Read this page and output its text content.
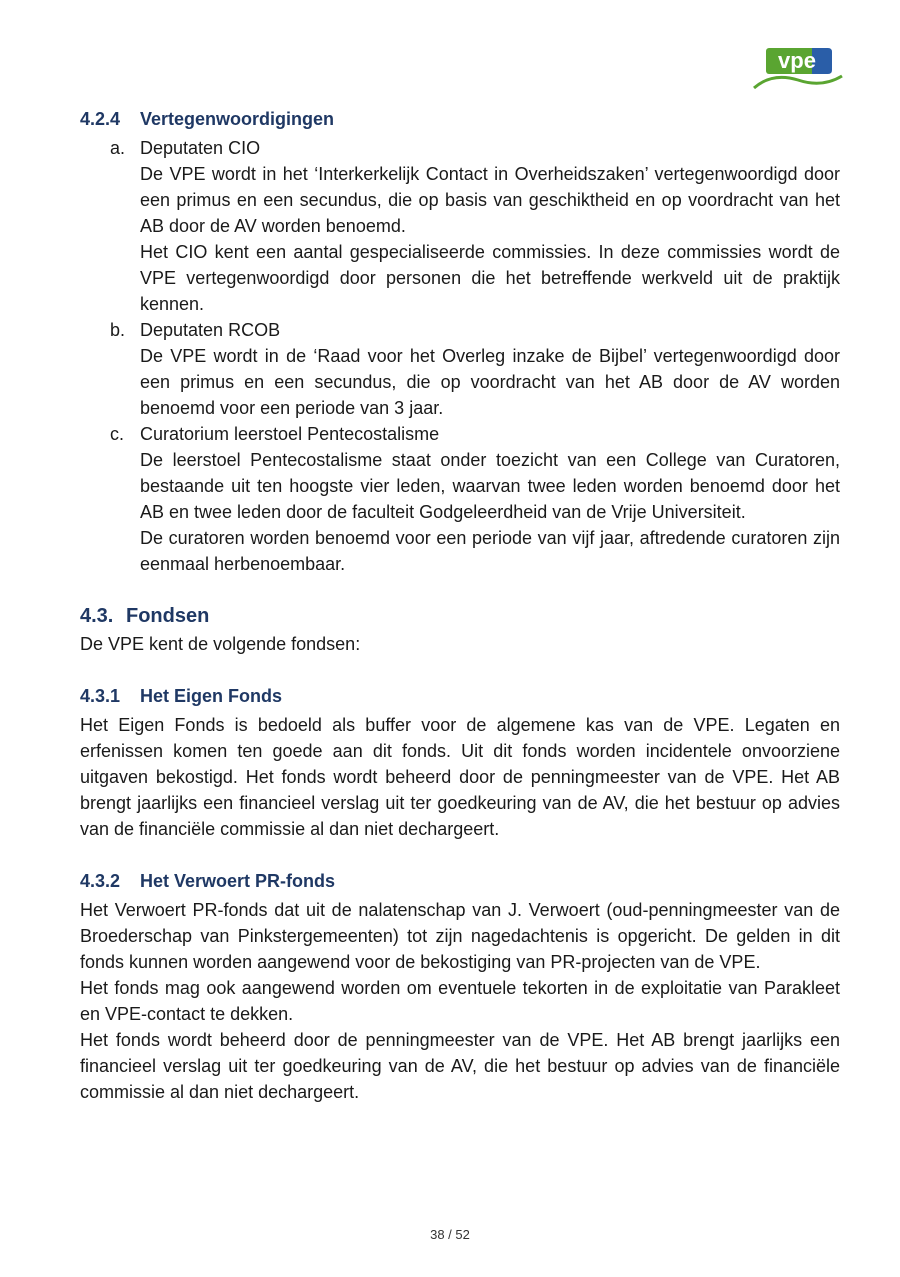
vpe
4.2.4 Vertegenwoordigingen
a. Deputaten CIO

De VPE wordt in het ‘Interkerkelijk Contact in Overheidszaken’ vertegenwoordigd door een primus en een secundus, die op basis van geschiktheid en op voordracht van het AB door de AV worden benoemd.

Het CIO kent een aantal gespecialiseerde commissies. In deze commissies wordt de VPE vertegenwoordigd door personen die het betreffende werkveld uit de praktijk kennen.

b. Deputaten RCOB

De VPE wordt in de ‘Raad voor het Overleg inzake de Bijbel’ vertegenwoordigd door een primus en een secundus, die op voordracht van het AB door de AV worden benoemd voor een periode van 3 jaar.

c. Curatorium leerstoel Pentecostalisme

De leerstoel Pentecostalisme staat onder toezicht van een College van Curatoren, bestaande uit ten hoogste vier leden, waarvan twee leden worden benoemd door het AB en twee leden door de faculteit Godgeleerdheid van de Vrije Universiteit.

De curatoren worden benoemd voor een periode van vijf jaar, aftredende curatoren zijn eenmaal herbenoembaar.

4.3. Fondsen

De VPE kent de volgende fondsen:

4.3.1 Het Eigen Fonds

Het Eigen Fonds is bedoeld als buffer voor de algemene kas van de VPE. Legaten en erfenissen komen ten goede aan dit fonds. Uit dit fonds worden incidentele onvoorziene uitgaven bekostigd. Het fonds wordt beheerd door de penningmeester van de VPE. Het AB brengt jaarlijks een financieel verslag uit ter goedkeuring van de AV, die het bestuur op advies van de financiële commissie al dan niet dechargeert.

4.3.2 Het Verwoert PR-fonds

Het Verwoert PR-fonds dat uit de nalatenschap van J. Verwoert (oud-penningmeester van de Broederschap van Pinkstergemeenten) tot zijn nagedachtenis is opgericht. De gelden in dit fonds kunnen worden aangewend voor de bekostiging van PR-projecten van de VPE.

Het fonds mag ook aangewend worden om eventuele tekorten in de exploitatie van Parakleet en VPE-contact te dekken.

Het fonds wordt beheerd door de penningmeester van de VPE. Het AB brengt jaarlijks een financieel verslag uit ter goedkeuring van de AV, die het bestuur op advies van de financiële commissie al dan niet dechargeert.

38 / 52
